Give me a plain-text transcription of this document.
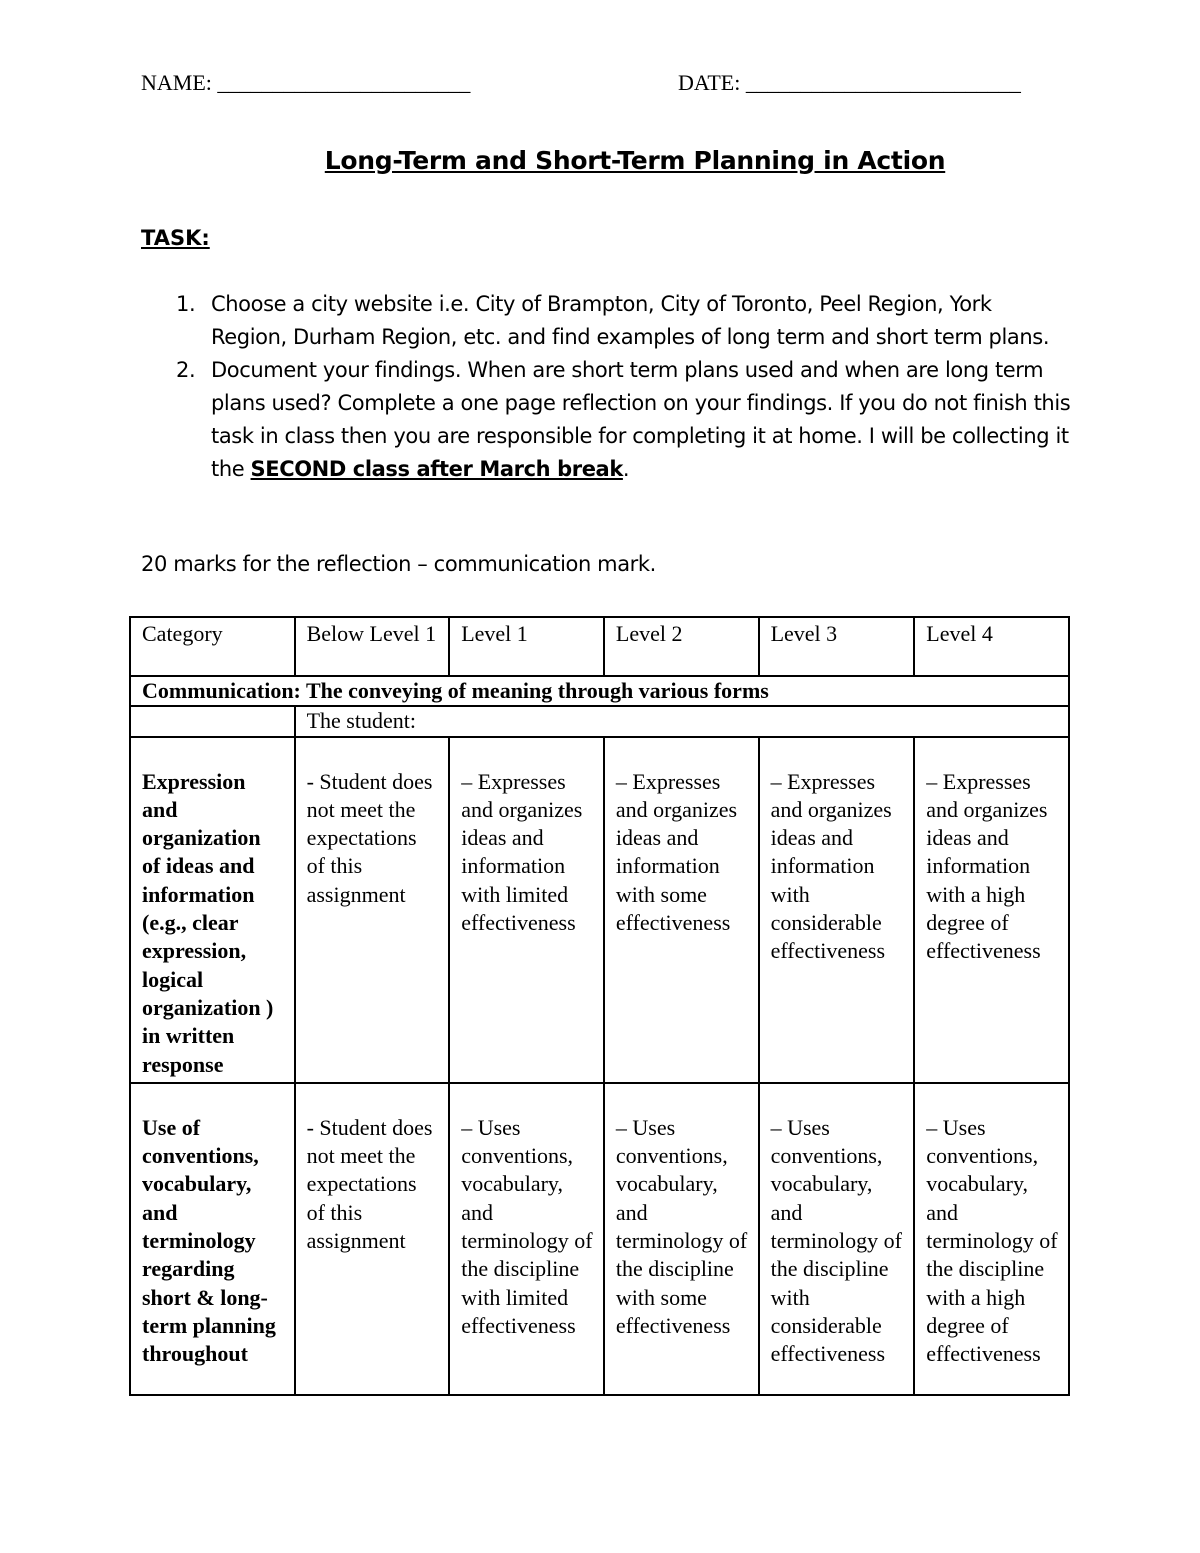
NAME: _______________________	DATE: _________________________
Long-Term and Short-Term Planning in Action
TASK:
1. Choose a city website i.e. City of Brampton, City of Toronto, Peel Region, York Region, Durham Region, etc. and find examples of long term and short term plans.
2. Document your findings. When are short term plans used and when are long term plans used? Complete a one page reflection on your findings. If you do not finish this task in class then you are responsible for completing it at home. I will be collecting it the SECOND class after March break.
20 marks for the reflection – communication mark.
Category	Below Level 1	Level 1	Level 2	Level 3	Level 4
Communication: The conveying of meaning through various forms					
	The student:				
Expression and organization of ideas and information (e.g., clear expression, logical organization ) in written response	- Student does not meet the expectations of this assignment	– Expresses and organizes ideas and information with limited effectiveness	– Expresses and organizes ideas and information with some effectiveness	– Expresses and organizes ideas and information with considerable effectiveness	– Expresses and organizes ideas and information with a high degree of effectiveness
Use of conventions, vocabulary, and terminology regarding short & long-term planning throughout	- Student does not meet the expectations of this assignment	– Uses conventions, vocabulary, and terminology of the discipline with limited effectiveness	– Uses conventions, vocabulary, and terminology of the discipline with some effectiveness	– Uses conventions, vocabulary, and terminology of the discipline with considerable effectiveness	– Uses conventions, vocabulary, and terminology of the discipline with a high degree of effectiveness
